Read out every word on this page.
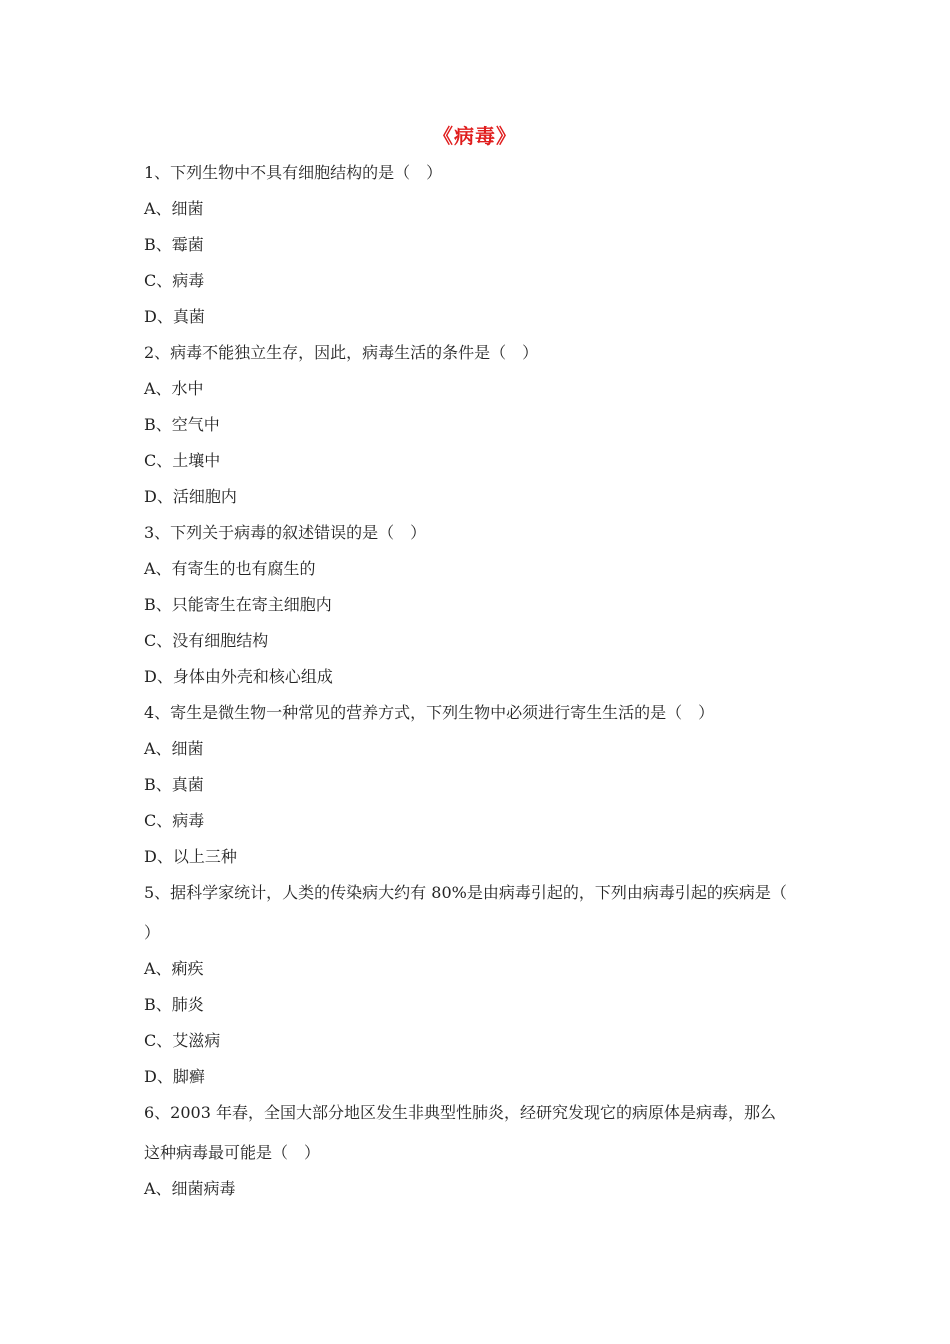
《病毒》
1、下列生物中不具有细胞结构的是（　）
A、细菌
B、霉菌
C、病毒
D、真菌
2、病毒不能独立生存，因此，病毒生活的条件是（　）
A、水中
B、空气中
C、土壤中
D、活细胞内
3、下列关于病毒的叙述错误的是（　）
A、有寄生的也有腐生的
B、只能寄生在寄主细胞内
C、没有细胞结构
D、身体由外壳和核心组成
4、寄生是微生物一种常见的营养方式，下列生物中必须进行寄生生活的是（　）
A、细菌
B、真菌
C、病毒
D、以上三种
5、据科学家统计，人类的传染病大约有 80%是由病毒引起的，下列由病毒引起的疾病是（
）
A、痢疾
B、肺炎
C、艾滋病
D、脚癣
6、2003 年春，全国大部分地区发生非典型性肺炎，经研究发现它的病原体是病毒，那么
这种病毒最可能是（　）
A、细菌病毒
